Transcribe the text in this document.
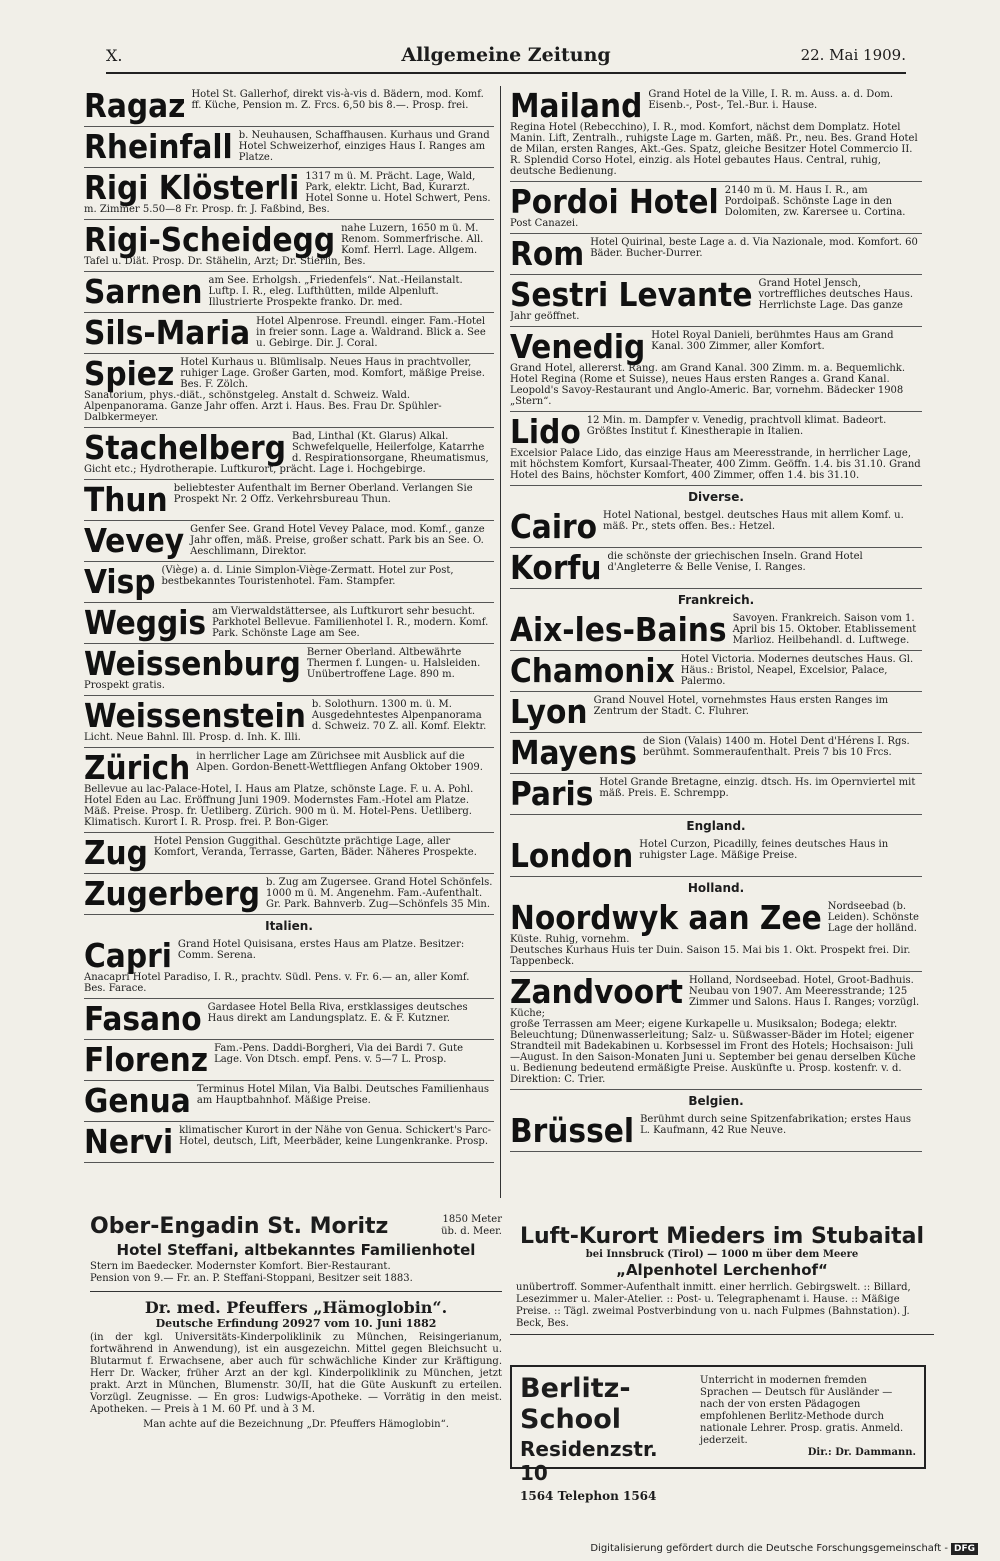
X.	Allgemeine Zeitung	22. Mai 1909.
Ragaz Hotel St. Gallerhof, direkt vis-à-vis d. Bädern, mod. Komf. ff. Küche, Pension m. Z. Frcs. 6,50 bis 8.—. Prosp. frei.
Rheinfall b. Neuhausen, Schaffhausen. Kurhaus und Grand Hotel Schweizerhof, einziges Haus I. Ranges am Platze.
Rigi Klösterli 1317 m ü. M. Prächt. Lage, Wald, Park, elektr. Licht, Bad, Kurarzt. Hotel Sonne u. Hotel Schwert, Pens. m. Zimmer 5.50—8 Fr. Prosp. fr. J. Faßbind, Bes.
Rigi-Scheidegg nahe Luzern, 1650 m ü. M. Renom. Sommerfrische. All. Komf. Herrl. Lage. Allgem. Tafel u. Diät. Prosp. Dr. Stähelin, Arzt; Dr. Stierlin, Bes.
Sarnen am See. Erholgsh. „Friedenfels“. Nat.-Heilanstalt. Luftp. I. R., eleg. Lufthütten, milde Alpenluft. Illustrierte Prospekte franko. Dr. med.
Sils-Maria Hotel Alpenrose. Freundl. einger. Fam.-Hotel in freier sonn. Lage a. Waldrand. Blick a. See u. Gebirge. Dir. J. Coral.
Spiez Hotel Kurhaus u. Blümlisalp. Neues Haus in prachtvoller, ruhiger Lage. Großer Garten, mod. Komfort, mäßige Preise. Bes. F. Zölch.
Sanatorium, phys.-diät., schönstgeleg. Anstalt d. Schweiz. Wald. Alpenpanorama. Ganze Jahr offen. Arzt i. Haus. Bes. Frau Dr. Spühler-Dalbkermeyer.
Stachelberg Bad, Linthal (Kt. Glarus) Alkal. Schwefelquelle, Heilerfolge, Katarrhe d. Respirationsorgane, Rheumatismus, Gicht etc.; Hydrotherapie. Luftkurort, prächt. Lage i. Hochgebirge.
Thun beliebtester Aufenthalt im Berner Oberland. Verlangen Sie Prospekt Nr. 2 Offz. Verkehrsbureau Thun.
Vevey Genfer See. Grand Hotel Vevey Palace, mod. Komf., ganze Jahr offen, mäß. Preise, großer schatt. Park bis an See. O. Aeschlimann, Direktor.
Visp (Viège) a. d. Linie Simplon-Viège-Zermatt. Hotel zur Post, bestbekanntes Touristenhotel. Fam. Stampfer.
Weggis am Vierwaldstättersee, als Luftkurort sehr besucht. Parkhotel Bellevue. Familienhotel I. R., modern. Komf. Park. Schönste Lage am See.
Weissenburg Berner Oberland. Altbewährte Thermen f. Lungen- u. Halsleiden. Unübertroffene Lage. 890 m. Prospekt gratis.
Weissenstein b. Solothurn. 1300 m. ü. M. Ausgedehntestes Alpenpanorama d. Schweiz. 70 Z. all. Komf. Elektr. Licht. Neue Bahnl. Ill. Prosp. d. Inh. K. Illi.
Zürich in herrlicher Lage am Zürichsee mit Ausblick auf die Alpen. Gordon-Benett-Wettfliegen Anfang Oktober 1909.
Bellevue au lac-Palace-Hotel, I. Haus am Platze, schönste Lage. F. u. A. Pohl. Hotel Eden au Lac. Eröffnung Juni 1909. Modernstes Fam.-Hotel am Platze. Mäß. Preise. Prosp. fr. Uetliberg. Zürich. 900 m ü. M. Hotel-Pens. Uetliberg. Klimatisch. Kurort I. R. Prosp. frei. P. Bon-Giger.
Zug Hotel Pension Guggithal. Geschützte prächtige Lage, aller Komfort, Veranda, Terrasse, Garten, Bäder. Näheres Prospekte.
Zugerberg b. Zug am Zugersee. Grand Hotel Schönfels. 1000 m ü. M. Angenehm. Fam.-Aufenthalt. Gr. Park. Bahnverb. Zug—Schönfels 35 Min.
Italien.
Capri Grand Hotel Quisisana, erstes Haus am Platze. Besitzer: Comm. Serena.
Anacapri Hotel Paradiso, I. R., prachtv. Südl. Pens. v. Fr. 6.— an, aller Komf. Bes. Farace.
Fasano Gardasee Hotel Bella Riva, erstklassiges deutsches Haus direkt am Landungsplatz. E. & F. Kutzner.
Florenz Fam.-Pens. Daddi-Borgheri, Via dei Bardi 7. Gute Lage. Von Dtsch. empf. Pens. v. 5—7 L. Prosp.
Genua Terminus Hotel Milan, Via Balbi. Deutsches Familienhaus am Hauptbahnhof. Mäßige Preise.
Nervi klimatischer Kurort in der Nähe von Genua. Schickert's Parc-Hotel, deutsch, Lift, Meerbäder, keine Lungenkranke. Prosp.
Mailand Grand Hotel de la Ville, I. R. m. Auss. a. d. Dom. Eisenb.-, Post-, Tel.-Bur. i. Hause.
Regina Hotel (Rebecchino), I. R., mod. Komfort, nächst dem Domplatz. Hotel Manin. Lift, Zentralh., ruhigste Lage m. Garten, mäß. Pr., neu. Bes. Grand Hotel de Milan, ersten Ranges, Akt.-Ges. Spatz, gleiche Besitzer Hotel Commercio II. R. Splendid Corso Hotel, einzig. als Hotel gebautes Haus. Central, ruhig, deutsche Bedienung.
Pordoi Hotel 2140 m ü. M. Haus I. R., am Pordoipaß. Schönste Lage in den Dolomiten, zw. Karersee u. Cortina. Post Canazei.
Rom Hotel Quirinal, beste Lage a. d. Via Nazionale, mod. Komfort. 60 Bäder. Bucher-Durrer.
Sestri Levante Grand Hotel Jensch, vortreffliches deutsches Haus. Herrlichste Lage. Das ganze Jahr geöffnet.
Venedig Hotel Royal Danieli, berühmtes Haus am Grand Kanal. 300 Zimmer, aller Komfort.
Grand Hotel, allererst. Rang. am Grand Kanal. 300 Zimm. m. a. Bequemlichk. Hotel Regina (Rome et Suisse), neues Haus ersten Ranges a. Grand Kanal. Leopold's Savoy-Restaurant und Anglo-Americ. Bar, vornehm. Bädecker 1908 „Stern“.
Lido 12 Min. m. Dampfer v. Venedig, prachtvoll klimat. Badeort. Größtes Institut f. Kinestherapie in Italien.
Excelsior Palace Lido, das einzige Haus am Meeresstrande, in herrlicher Lage, mit höchstem Komfort, Kursaal-Theater, 400 Zimm. Geöffn. 1.4. bis 31.10. Grand Hotel des Bains, höchster Komfort, 400 Zimmer, offen 1.4. bis 31.10.
Diverse.
Cairo Hotel National, bestgel. deutsches Haus mit allem Komf. u. mäß. Pr., stets offen. Bes.: Hetzel.
Korfu die schönste der griechischen Inseln. Grand Hotel d'Angleterre & Belle Venise, I. Ranges.
Frankreich.
Aix-les-Bains Savoyen. Frankreich. Saison vom 1. April bis 15. Oktober. Etablissement Marlioz. Heilbehandl. d. Luftwege.
Chamonix Hotel Victoria. Modernes deutsches Haus. Gl. Häus.: Bristol, Neapel, Excelsior, Palace, Palermo.
Lyon Grand Nouvel Hotel, vornehmstes Haus ersten Ranges im Zentrum der Stadt. C. Fluhrer.
Mayens de Sion (Valais) 1400 m. Hotel Dent d'Hérens I. Rgs. berühmt. Sommeraufenthalt. Preis 7 bis 10 Frcs.
Paris Hotel Grande Bretagne, einzig. dtsch. Hs. im Opernviertel mit mäß. Preis. E. Schrempp.
England.
London Hotel Curzon, Picadilly, feines deutsches Haus in ruhigster Lage. Mäßige Preise.
Holland.
Noordwyk aan Zee Nordseebad (b. Leiden). Schönste Lage der holländ. Küste. Ruhig, vornehm.
Deutsches Kurhaus Huis ter Duin. Saison 15. Mai bis 1. Okt. Prospekt frei. Dir. Tappenbeck.
Zandvoort Holland, Nordseebad. Hotel, Groot-Badhuis. Neubau von 1907. Am Meeresstrande; 125 Zimmer und Salons. Haus I. Ranges; vorzügl. Küche;
große Terrassen am Meer; eigene Kurkapelle u. Musiksalon; Bodega; elektr. Beleuchtung; Dünenwasserleitung; Salz- u. Süßwasser-Bäder im Hotel; eigener Strandteil mit Badekabinen u. Korbsessel im Front des Hotels; Hochsaison: Juli—August. In den Saison-Monaten Juni u. September bei genau derselben Küche u. Bedienung bedeutend ermäßigte Preise. Auskünfte u. Prosp. kostenfr. v. d. Direktion: C. Trier.
Belgien.
Brüssel Berühmt durch seine Spitzenfabrikation; erstes Haus L. Kaufmann, 42 Rue Neuve.
Ober-Engadin St. Moritz	1850 Meter üb. d. Meer.
Hotel Steffani, altbekanntes Familienhotel
Stern im Baedecker. Modernster Komfort. Bier-Restaurant.
Pension von 9.— Fr. an. P. Steffani-Stoppani, Besitzer seit 1883.
Dr. med. Pfeuffers „Hämoglobin“.
Deutsche Erfindung 20927 vom 10. Juni 1882
(in der kgl. Universitäts-Kinderpoliklinik zu München, Reisingerianum, fortwährend in Anwendung), ist ein ausgezeichn. Mittel gegen Bleichsucht u. Blutarmut f. Erwachsene, aber auch für schwächliche Kinder zur Kräftigung. Herr Dr. Wacker, früher Arzt an der kgl. Kinderpoliklinik zu München, jetzt prakt. Arzt in München, Blumenstr. 30/II, hat die Güte Auskunft zu erteilen. Vorzügl. Zeugnisse. — En gros: Ludwigs-Apotheke. — Vorrätig in den meist. Apotheken. — Preis à 1 M. 60 Pf. und à 3 M.
Man achte auf die Bezeichnung „Dr. Pfeuffers Hämoglobin“.
Luft-Kurort Mieders im Stubaital
bei Innsbruck (Tirol) — 1000 m über dem Meere
„Alpenhotel Lerchenhof“
unübertroff. Sommer-Aufenthalt inmitt. einer herrlich. Gebirgswelt. :: Billard, Lesezimmer u. Maler-Atelier. :: Post- u. Telegraphenamt i. Hause. :: Mäßige Preise. :: Tägl. zweimal Postverbindung von u. nach Fulpmes (Bahnstation). J. Beck, Bes.
Berlitz-School
Residenzstr. 10
1564 Telephon 1564
Unterricht in modernen fremden Sprachen — Deutsch für Ausländer — nach der von ersten Pädagogen empfohlenen Berlitz-Methode durch nationale Lehrer. Prosp. gratis. Anmeld. jederzeit.
Dir.: Dr. Dammann.
Digitalisierung gefördert durch die Deutsche Forschungsgemeinschaft - DFG
